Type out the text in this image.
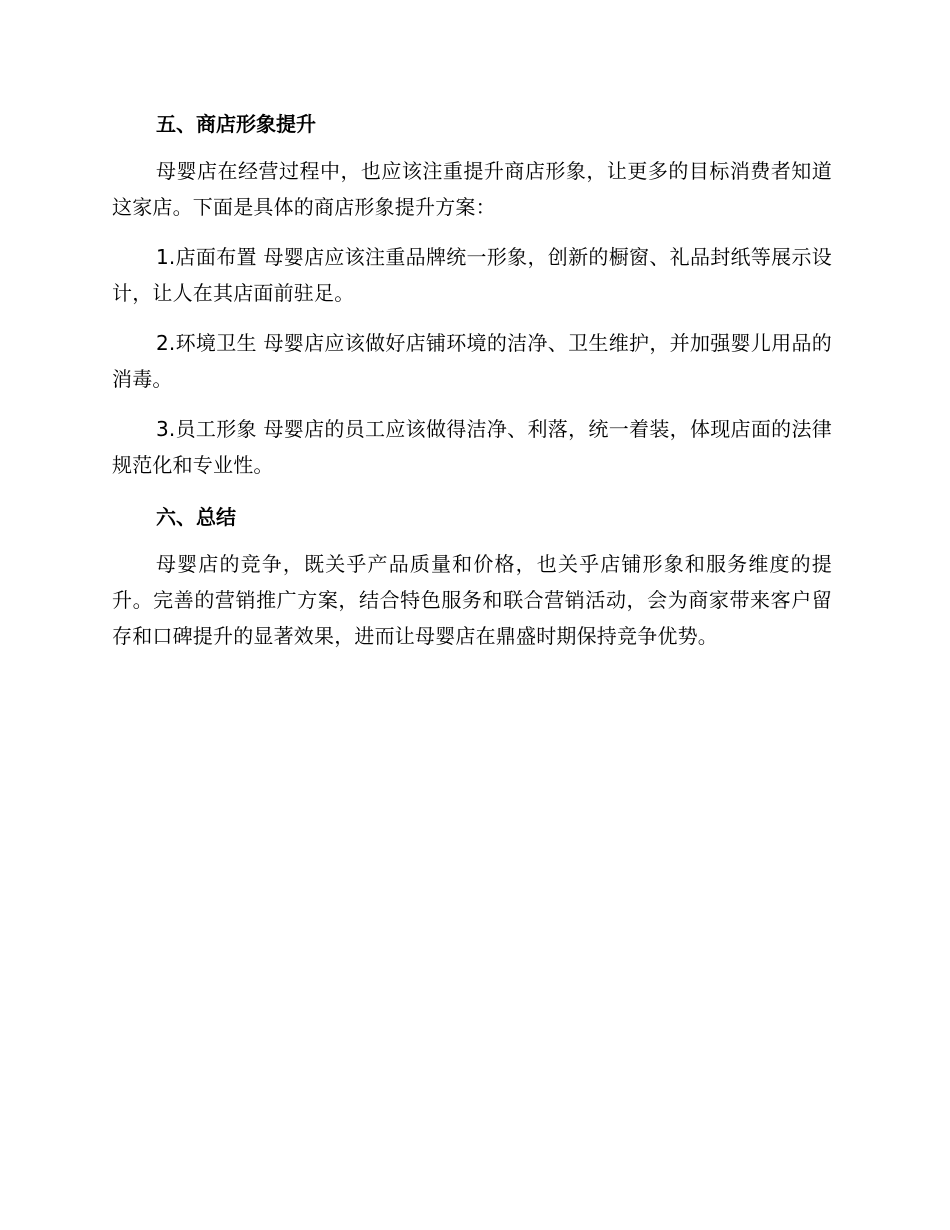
五、商店形象提升

母婴店在经营过程中，也应该注重提升商店形象，让更多的目标消费者知道这家店。下面是具体的商店形象提升方案：

1.店面布置 母婴店应该注重品牌统一形象，创新的橱窗、礼品封纸等展示设计，让人在其店面前驻足。

2.环境卫生 母婴店应该做好店铺环境的洁净、卫生维护，并加强婴儿用品的消毒。

3.员工形象 母婴店的员工应该做得洁净、利落，统一着装，体现店面的法律规范化和专业性。

六、总结

母婴店的竞争，既关乎产品质量和价格，也关乎店铺形象和服务维度的提升。完善的营销推广方案，结合特色服务和联合营销活动，会为商家带来客户留存和口碑提升的显著效果，进而让母婴店在鼎盛时期保持竞争优势。
